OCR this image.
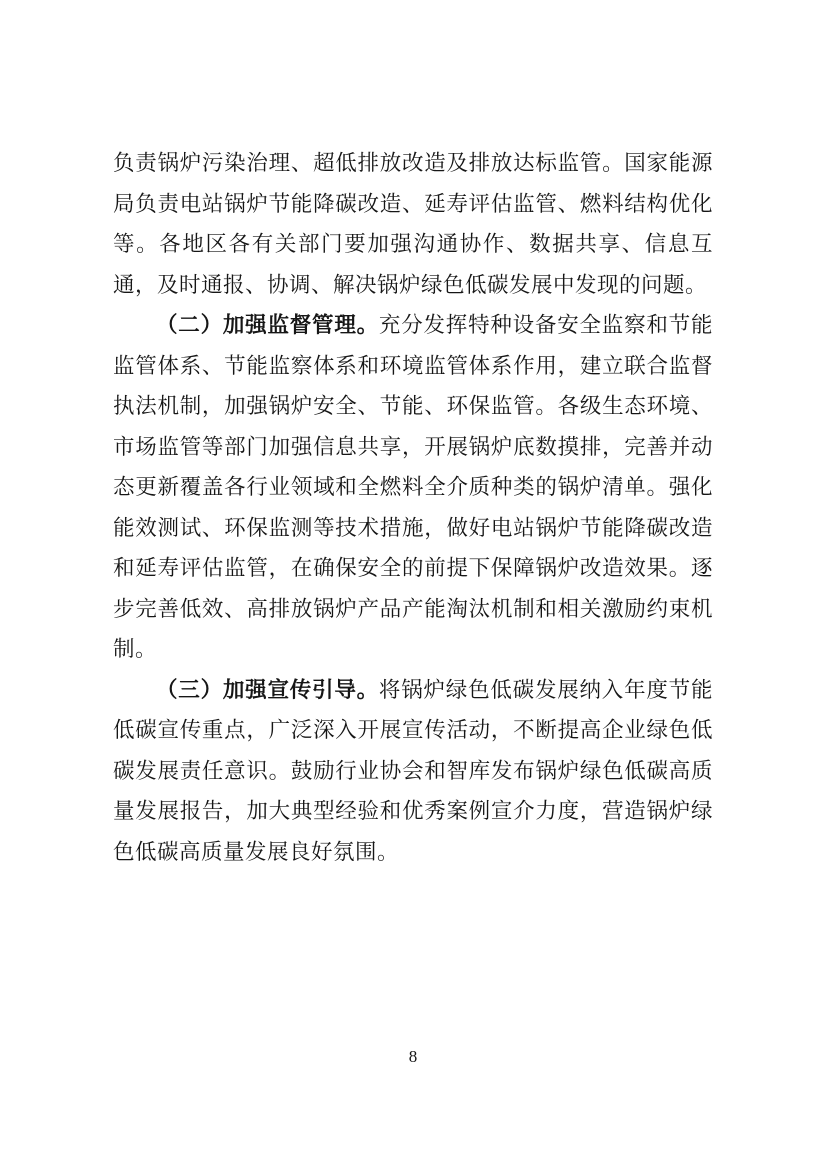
负责锅炉污染治理、超低排放改造及排放达标监管。国家能源局负责电站锅炉节能降碳改造、延寿评估监管、燃料结构优化等。各地区各有关部门要加强沟通协作、数据共享、信息互通，及时通报、协调、解决锅炉绿色低碳发展中发现的问题。

（二）加强监督管理。充分发挥特种设备安全监察和节能监管体系、节能监察体系和环境监管体系作用，建立联合监督执法机制，加强锅炉安全、节能、环保监管。各级生态环境、市场监管等部门加强信息共享，开展锅炉底数摸排，完善并动态更新覆盖各行业领域和全燃料全介质种类的锅炉清单。强化能效测试、环保监测等技术措施，做好电站锅炉节能降碳改造和延寿评估监管，在确保安全的前提下保障锅炉改造效果。逐步完善低效、高排放锅炉产品产能淘汰机制和相关激励约束机制。

（三）加强宣传引导。将锅炉绿色低碳发展纳入年度节能低碳宣传重点，广泛深入开展宣传活动，不断提高企业绿色低碳发展责任意识。鼓励行业协会和智库发布锅炉绿色低碳高质量发展报告，加大典型经验和优秀案例宣介力度，营造锅炉绿色低碳高质量发展良好氛围。

8
